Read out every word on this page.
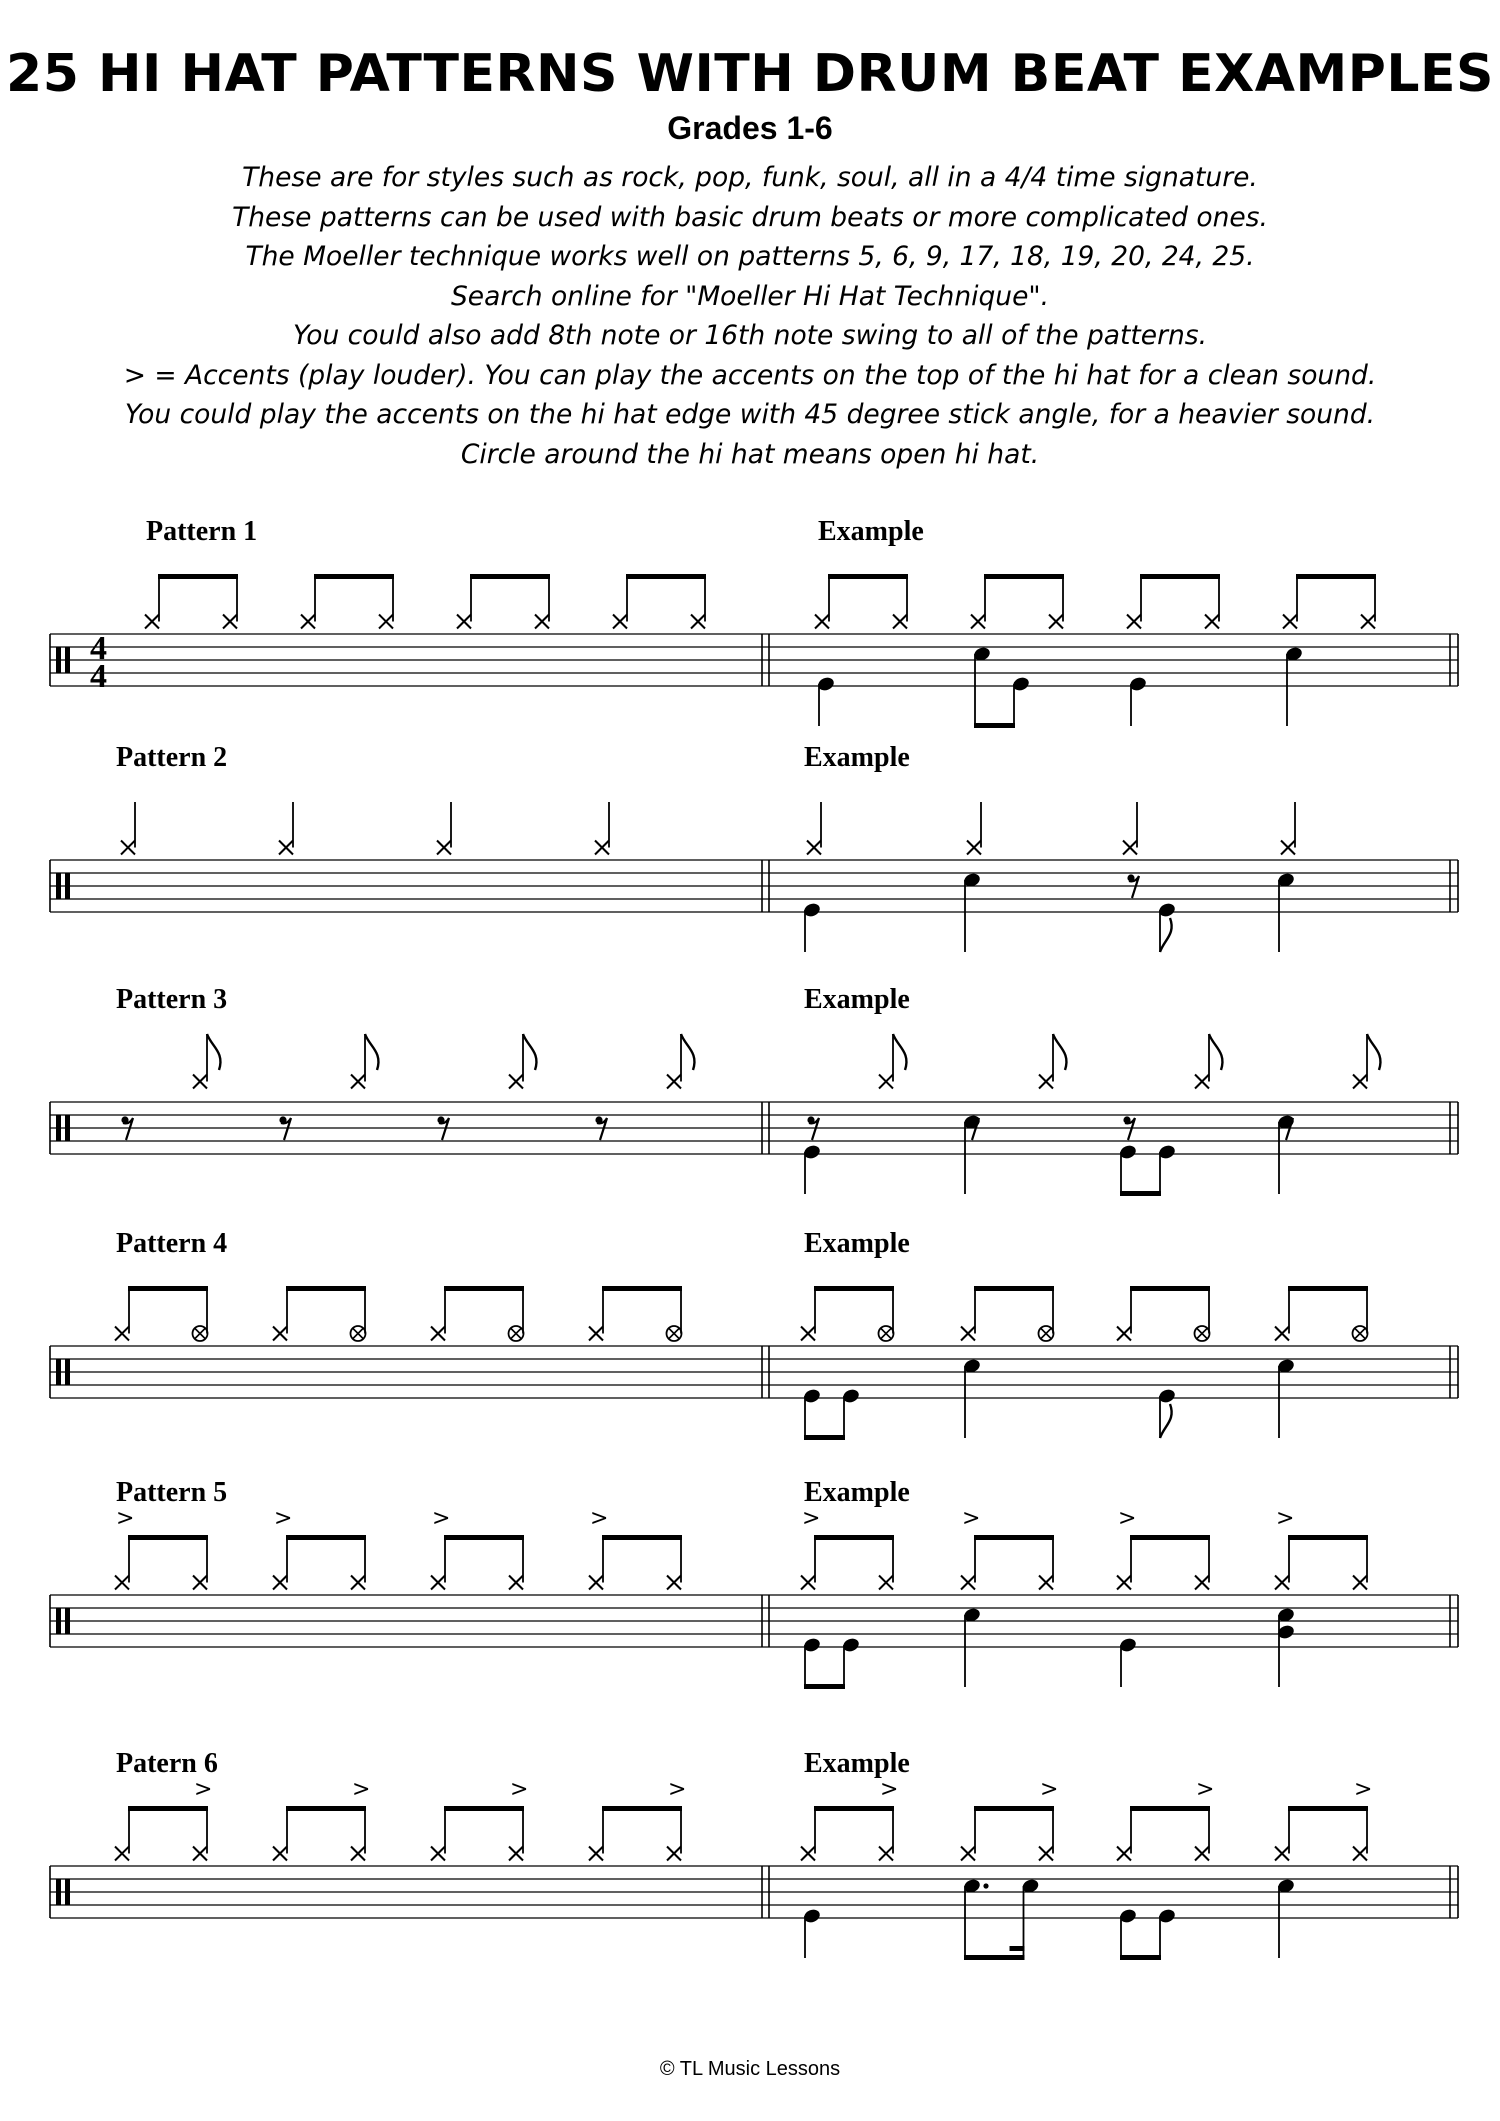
25 HI HAT PATTERNS WITH DRUM BEAT EXAMPLES
Grades 1-6
These are for styles such as rock, pop, funk, soul, all in a 4/4 time signature.
These patterns can be used with basic drum beats or more complicated ones.
The Moeller technique works well on patterns 5, 6, 9, 17, 18, 19, 20, 24, 25.
Search online for "Moeller Hi Hat Technique".
You could also add 8th note or 16th note swing to all of the patterns.
> = Accents (play louder). You can play the accents on the top of the hi hat for a clean sound.
You could play the accents on the hi hat edge with 45 degree stick angle, for a heavier sound.
Circle around the hi hat means open hi hat.
Pattern 1	Example
4
4
Pattern 2	Example
Pattern 3	Example
Pattern 4	Example
Pattern 5	Example
>	>	>	>	>	>	>	>
Patern 6	Example
>	>	>	>	>	>	>	>
© TL Music Lessons
